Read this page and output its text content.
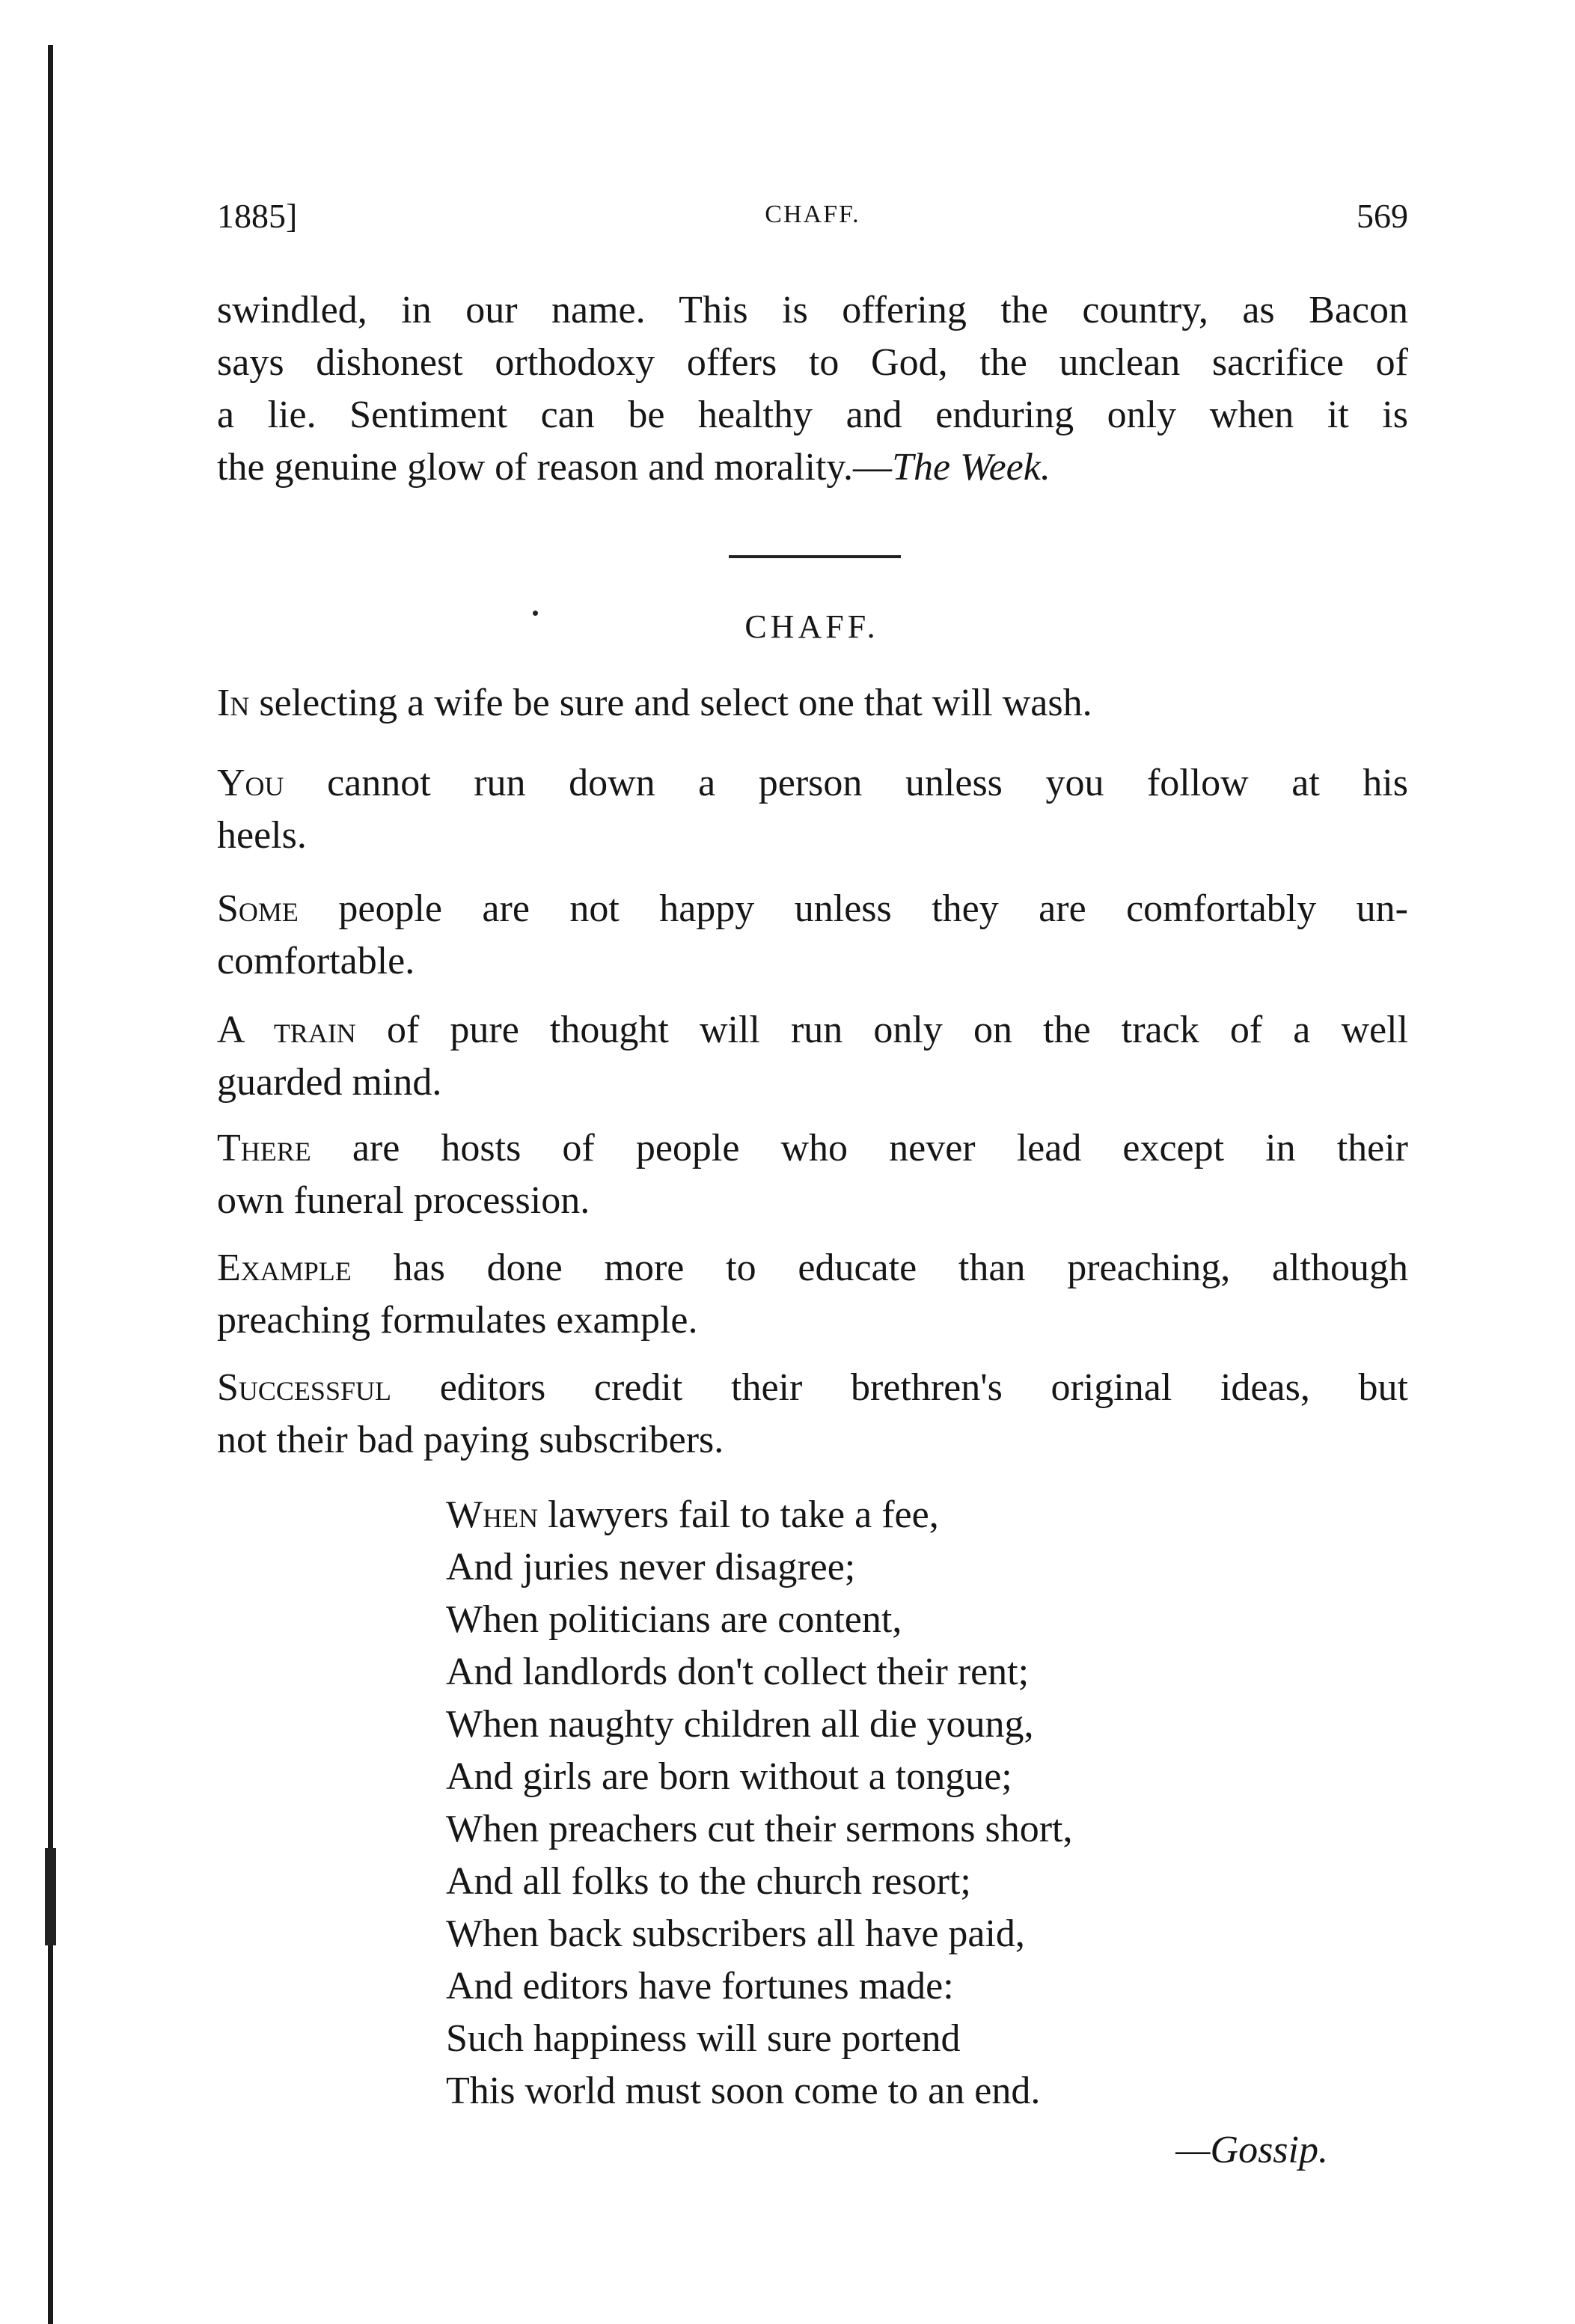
1885]	CHAFF.	569
swindled, in our name. This is offering the country, as Bacon
says dishonest orthodoxy offers to God, the unclean sacrifice of
a lie. Sentiment can be healthy and enduring only when it is
the genuine glow of reason and morality.—The Week.
CHAFF.
In selecting a wife be sure and select one that will wash.
You cannot run down a person unless you follow at his
heels.
Some people are not happy unless they are comfortably un-
comfortable.
A train of pure thought will run only on the track of a well
guarded mind.
There are hosts of people who never lead except in their
own funeral procession.
Example has done more to educate than preaching, although
preaching formulates example.
Successful editors credit their brethren's original ideas, but
not their bad paying subscribers.
When lawyers fail to take a fee,
And juries never disagree;
When politicians are content,
And landlords don't collect their rent;
When naughty children all die young,
And girls are born without a tongue;
When preachers cut their sermons short,
And all folks to the church resort;
When back subscribers all have paid,
And editors have fortunes made:
Such happiness will sure portend
This world must soon come to an end.
—Gossip.
